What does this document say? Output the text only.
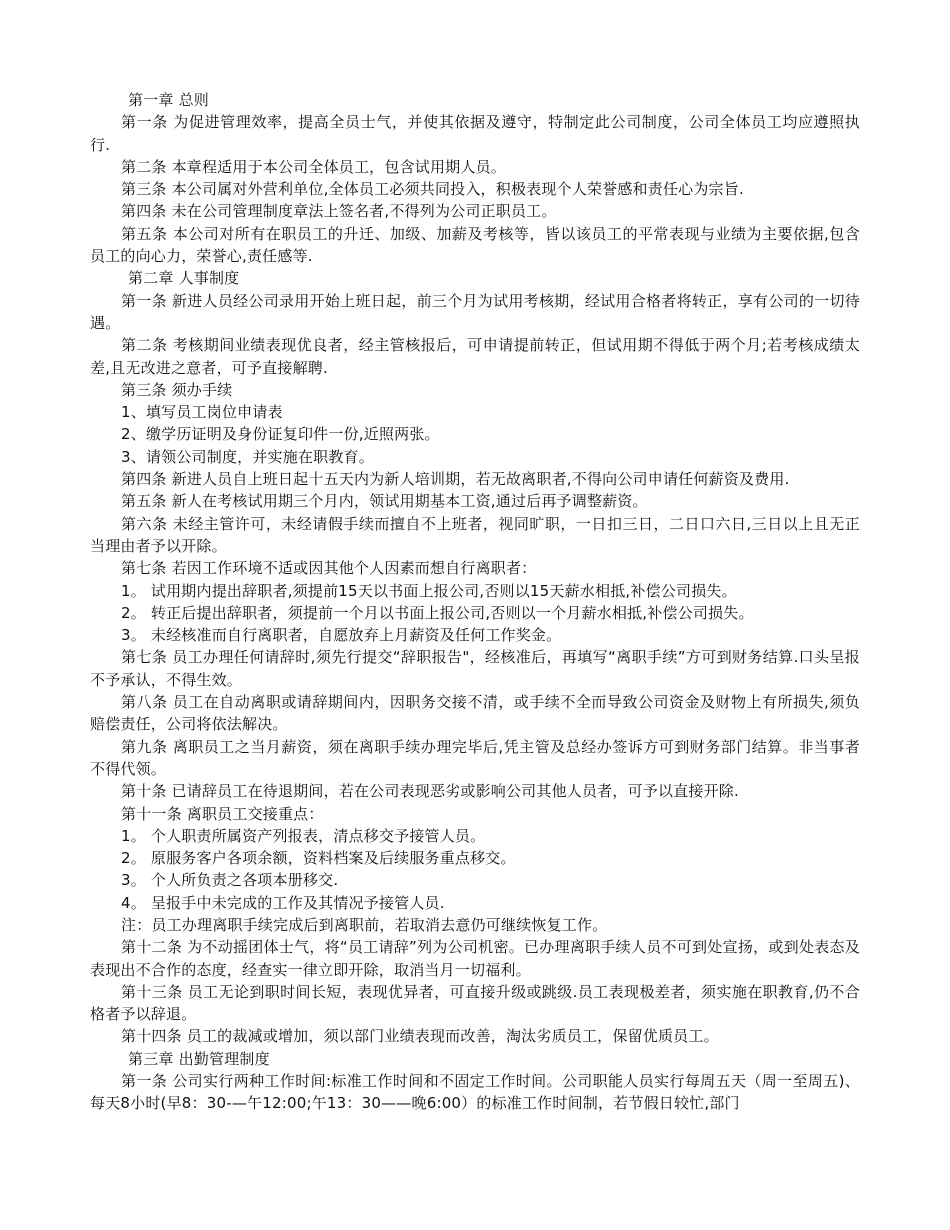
第一章 总则

第一条 为促进管理效率，提高全员士气，并使其依据及遵守，特制定此公司制度，公司全体员工均应遵照执行.

第二条 本章程适用于本公司全体员工，包含试用期人员。

第三条 本公司属对外营利单位,全体员工必须共同投入，积极表现个人荣誉感和责任心为宗旨.

第四条 未在公司管理制度章法上签名者,不得列为公司正职员工。

第五条 本公司对所有在职员工的升迁、加级、加薪及考核等，皆以该员工的平常表现与业绩为主要依据,包含员工的向心力，荣誉心,责任感等.

第二章 人事制度

第一条 新进人员经公司录用开始上班日起，前三个月为试用考核期，经试用合格者将转正，享有公司的一切待遇。

第二条 考核期间业绩表现优良者，经主管核报后，可申请提前转正，但试用期不得低于两个月;若考核成绩太差,且无改进之意者，可予直接解聘.

第三条 须办手续

1、填写员工岗位申请表

2、缴学历证明及身份证复印件一份,近照两张。

3、请领公司制度，并实施在职教育。

第四条 新进人员自上班日起十五天内为新人培训期，若无故离职者,不得向公司申请任何薪资及费用.

第五条 新人在考核试用期三个月内，领试用期基本工资,通过后再予调整薪资。

第六条 未经主管许可，未经请假手续而擅自不上班者，视同旷职，一日扣三日，二日口六日,三日以上且无正当理由者予以开除。

第七条 若因工作环境不适或因其他个人因素而想自行离职者：

1。 试用期内提出辞职者,须提前15天以书面上报公司,否则以15天薪水相抵,补偿公司损失。

2。 转正后提出辞职者，须提前一个月以书面上报公司,否则以一个月薪水相抵,补偿公司损失。

3。 未经核准而自行离职者，自愿放弃上月薪资及任何工作奖金。

第七条 员工办理任何请辞时,须先行提交“辞职报告"，经核准后，再填写“离职手续”方可到财务结算.口头呈报不予承认，不得生效。

第八条 员工在自动离职或请辞期间内，因职务交接不清，或手续不全而导致公司资金及财物上有所损失,须负赔偿责任，公司将依法解决。

第九条 离职员工之当月薪资，须在离职手续办理完毕后,凭主管及总经办签诉方可到财务部门结算。非当事者不得代领。

第十条 已请辞员工在待退期间，若在公司表现恶劣或影响公司其他人员者，可予以直接开除.

第十一条 离职员工交接重点：

1。 个人职责所属资产列报表，清点移交予接管人员。

2。 原服务客户各项余额，资料档案及后续服务重点移交。

3。 个人所负责之各项本册移交.

4。 呈报手中未完成的工作及其情况予接管人员.

注：员工办理离职手续完成后到离职前，若取消去意仍可继续恢复工作。

第十二条 为不动摇团体士气，将“员工请辞”列为公司机密。已办理离职手续人员不可到处宣扬，或到处表态及表现出不合作的态度，经查实一律立即开除，取消当月一切福利。

第十三条 员工无论到职时间长短，表现优异者，可直接升级或跳级.员工表现极差者，须实施在职教育,仍不合格者予以辞退。

第十四条 员工的裁减或增加，须以部门业绩表现而改善，淘汰劣质员工，保留优质员工。

第三章 出勤管理制度

第一条 公司实行两种工作时间:标准工作时间和不固定工作时间。公司职能人员实行每周五天（周一至周五)、每天8小时(早8：30-—午12:00;午13：30——晚6:00）的标准工作时间制，若节假日较忙,部门
